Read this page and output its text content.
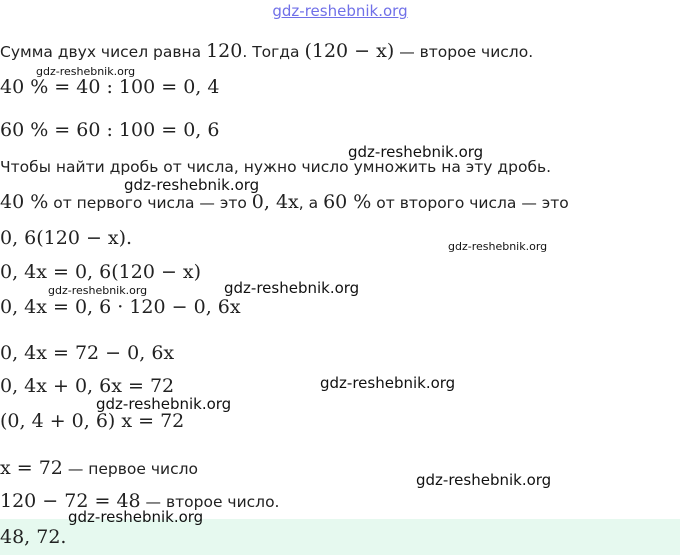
gdz-reshebnik.org
Сумма двух чисел равна 120. Тогда (120 − x) — второе число.
gdz-reshebnik.org
40 % = 40 : 100 = 0, 4
60 % = 60 : 100 = 0, 6
gdz-reshebnik.org
Чтобы найти дробь от числа, нужно число умножить на эту дробь.
gdz-reshebnik.org
40 % от первого числа — это 0, 4x, а 60 % от второго числа — это
0, 6(120 − x).	gdz-reshebnik.org
0, 4x = 0, 6(120 − x)
gdz-reshebnik.org	gdz-reshebnik.org
0, 4x = 0, 6 · 120 − 0, 6x
0, 4x = 72 − 0, 6x
gdz-reshebnik.org
0, 4x + 0, 6x = 72
gdz-reshebnik.org
(0, 4 + 0, 6) x = 72
x = 72 — первое число
gdz-reshebnik.org
120 − 72 = 48 — второе число.
gdz-reshebnik.org
48, 72.
